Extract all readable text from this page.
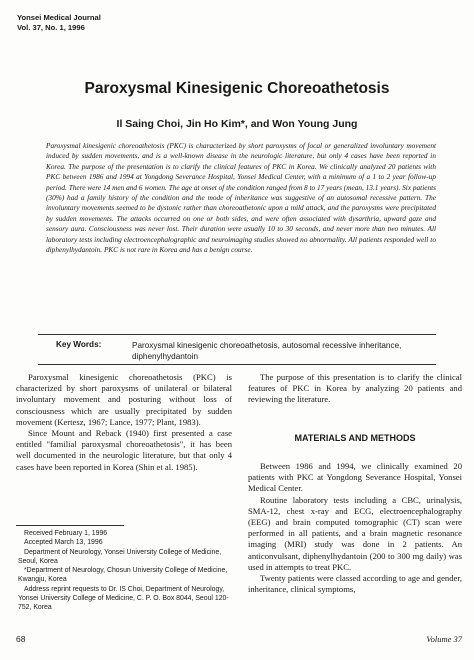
Yonsei Medical Journal
Vol. 37, No. 1, 1996
Paroxysmal Kinesigenic Choreoathetosis
Il Saing Choi, Jin Ho Kim*, and Won Young Jung
Paroxysmal kinesigenic choreoathetosis (PKC) is characterized by short paroxysms of focal or generalized involuntary movement induced by sudden movements, and is a well-known disease in the neurologic literature, but only 4 cases have been reported in Korea. The purpose of the presentation is to clarify the clinical features of PKC in Korea. We clinically analyzed 20 patients with PKC between 1986 and 1994 at Yongdong Severance Hospital, Yonsei Medical Center, with a minimum of a 1 to 2 year follow-up period. There were 14 men and 6 women. The age at onset of the condition ranged from 8 to 17 years (mean, 13.1 years). Six patients (30%) had a family history of the condition and the mode of inheritance was suggestive of an autosomal recessive pattern. The involuntary movements seemed to be dystonic rather than choreoathetonic upon a mild attack, and the paroxysms were precipitated by sudden movements. The attacks occurred on one or both sides, and were often associated with dysarthria, upward gaze and sensory aura. Consciousness was never lost. Their duration were usually 10 to 30 seconds, and never more than two minutes. All laboratory tests including electroencephalographic and neuroimaging studies showed no abnormality. All patients responded well to diphenylhydantoin. PKC is not rare in Korea and has a benign course.
Key Words:	Paroxysmal kinesigenic choreoathetosis, autosomal recessive inheritance, diphenylhydantoin

Paroxysmal kinesigenic choreoathetosis (PKC) is characterized by short paroxysms of unilateral or bilateral involuntary movement and posturing without loss of consciousness which are usually precipitated by sudden movement (Kertesz, 1967; Lance, 1977; Plant, 1983).

Since Mount and Reback (1940) first presented a case entitled "familial paroxysmal choreoathetosis", it has been well documented in the neurologic literature, but that only 4 cases have been reported in Korea (Shin et al. 1985).

The purpose of this presentation is to clarify the clinical features of PKC in Korea by analyzing 20 patients and reviewing the literature.

MATERIALS AND METHODS

Between 1986 and 1994, we clinically examined 20 patients with PKC at Yongdong Severance Hospital, Yonsei Medical Center.

Routine laboratory tests including a CBC, urinalysis, SMA-12, chest x-ray and ECG, electroencephalography (EEG) and brain computed tomographic (CT) scan were performed in all patients, and a brain magnetic resonance imaging (MRI) study was done in 2 patients. An anticonvulsant, diphenylhydantoin (200 to 300 mg daily) was used in attempts to treat PKC.

Twenty patients were classed according to age and gender, inheritance, clinical symptoms,

Received February 1, 1996
Accepted March 13, 1996
Department of Neurology, Yonsei University College of Medicine, Seoul, Korea
*Department of Neurology, Chosun University College of Medicine, Kwangju, Korea
Address reprint requests to Dr. IS Choi, Department of Neurology, Yonsei University College of Medicine, C. P. O. Box 8044, Seoul 120-752, Korea
68	Volume 37
